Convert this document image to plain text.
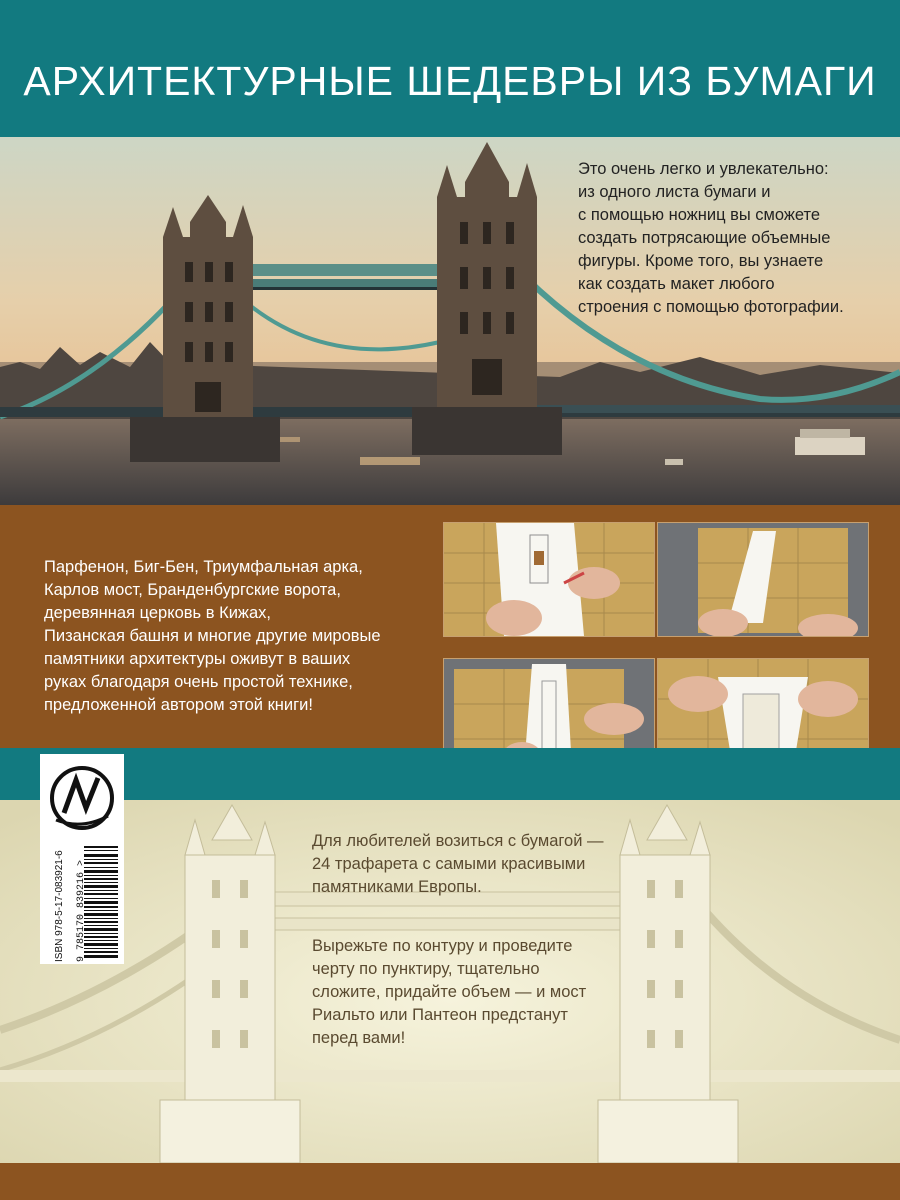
АРХИТЕКТУРНЫЕ ШЕДЕВРЫ ИЗ БУМАГИ
Это очень легко и увлекательно:
из одного листа бумаги и
с помощью ножниц вы сможете
создать потрясающие объемные
фигуры. Кроме того, вы узнаете
как создать макет любого
строения с помощью фотографии.
Парфенон, Биг-Бен, Триумфальная арка,
Карлов мост, Бранденбургские ворота,
деревянная церковь в Кижах,
Пизанская башня и многие другие мировые
памятники архитектуры оживут в ваших
руках благодаря очень простой технике,
предложенной автором этой книги!
Для любителей возиться с бумагой —
24 трафарета с самыми красивыми
памятниками Европы.
Вырежьте по контуру и проведите
черту по пунктиру, тщательно
сложите, придайте объем — и мост
Риальто или Пантеон предстанут
перед вами!
ISBN 978-5-17-083921-6 9 785170 839216 >
